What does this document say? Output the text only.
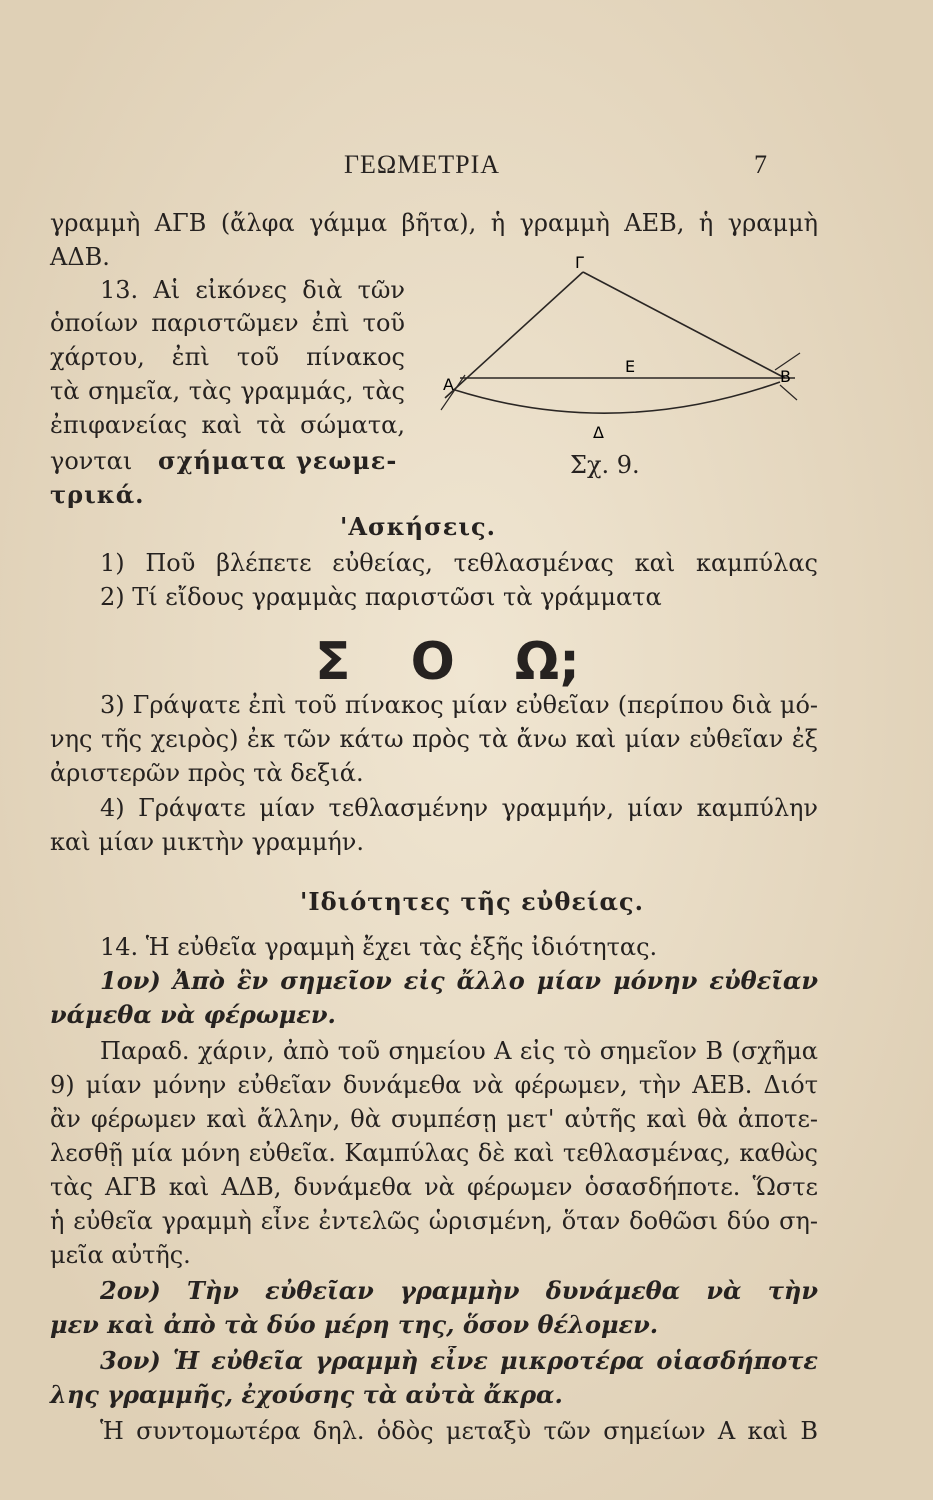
ΓΕΩΜΕΤΡΙΑ	7
γραμμὴ ΑΓΒ (ἄλφα γάμμα βῆτα), ἡ γραμμὴ ΑΕΒ, ἡ γραμμὴ
ΑΔΒ.
13. Αἱ εἰκόνες διὰ τῶν
ὁποίων παριστῶμεν ἐπὶ τοῦ
χάρτου, ἐπὶ τοῦ πίνακος
τὰ σημεῖα, τὰς γραμμάς, τὰς
ἐπιφανείας καὶ τὰ σώματα,
γονται σχήματα γεωμε-
τρικά.
Γ
Ε
Α	Β
Δ
Σχ. 9.
'Ασκήσεις.
1) Ποῦ βλέπετε εὐθείας, τεθλασμένας καὶ καμπύλας
2) Τί εἴδους γραμμὰς παριστῶσι τὰ γράμματα
Σ Ο Ω;
3) Γράψατε ἐπὶ τοῦ πίνακος μίαν εὐθεῖαν (περίπου διὰ μό-
νης τῆς χειρὸς) ἐκ τῶν κάτω πρὸς τὰ ἄνω καὶ μίαν εὐθεῖαν ἐξ
ἀριστερῶν πρὸς τὰ δεξιά.
4) Γράψατε μίαν τεθλασμένην γραμμήν, μίαν καμπύλην
καὶ μίαν μικτὴν γραμμήν.
'Ιδιότητες τῆς εὐθείας.
14. Ἡ εὐθεῖα γραμμὴ ἔχει τὰς ἑξῆς ἰδιότητας.
1ον) Ἀπὸ ἓν σημεῖον εἰς ἄλλο μίαν μόνην εὐθεῖαν
νάμεθα νὰ φέρωμεν.
Παραδ. χάριν, ἀπὸ τοῦ σημείου Α εἰς τὸ σημεῖον Β (σχῆμα
9) μίαν μόνην εὐθεῖαν δυνάμεθα νὰ φέρωμεν, τὴν ΑΕΒ. Διότ
ἂν φέρωμεν καὶ ἄλλην, θὰ συμπέσῃ μετ' αὐτῆς καὶ θὰ ἀποτε-
λεσθῇ μία μόνη εὐθεῖα. Καμπύλας δὲ καὶ τεθλασμένας, καθὼς
τὰς ΑΓΒ καὶ ΑΔΒ, δυνάμεθα νὰ φέρωμεν ὁσασδήποτε. Ὥστε
ἡ εὐθεῖα γραμμὴ εἶνε ἐντελῶς ὡρισμένη, ὅταν δοθῶσι δύο ση-
μεῖα αὐτῆς.
2ον) Τὴν εὐθεῖαν γραμμὴν δυνάμεθα νὰ τὴν
μεν καὶ ἀπὸ τὰ δύο μέρη της, ὅσον θέλομεν.
3ον) Ἡ εὐθεῖα γραμμὴ εἶνε μικροτέρα οἱασδήποτε
λης γραμμῆς, ἐχούσης τὰ αὐτὰ ἄκρα.
Ἡ συντομωτέρα δηλ. ὁδὸς μεταξὺ τῶν σημείων Α καὶ Β
